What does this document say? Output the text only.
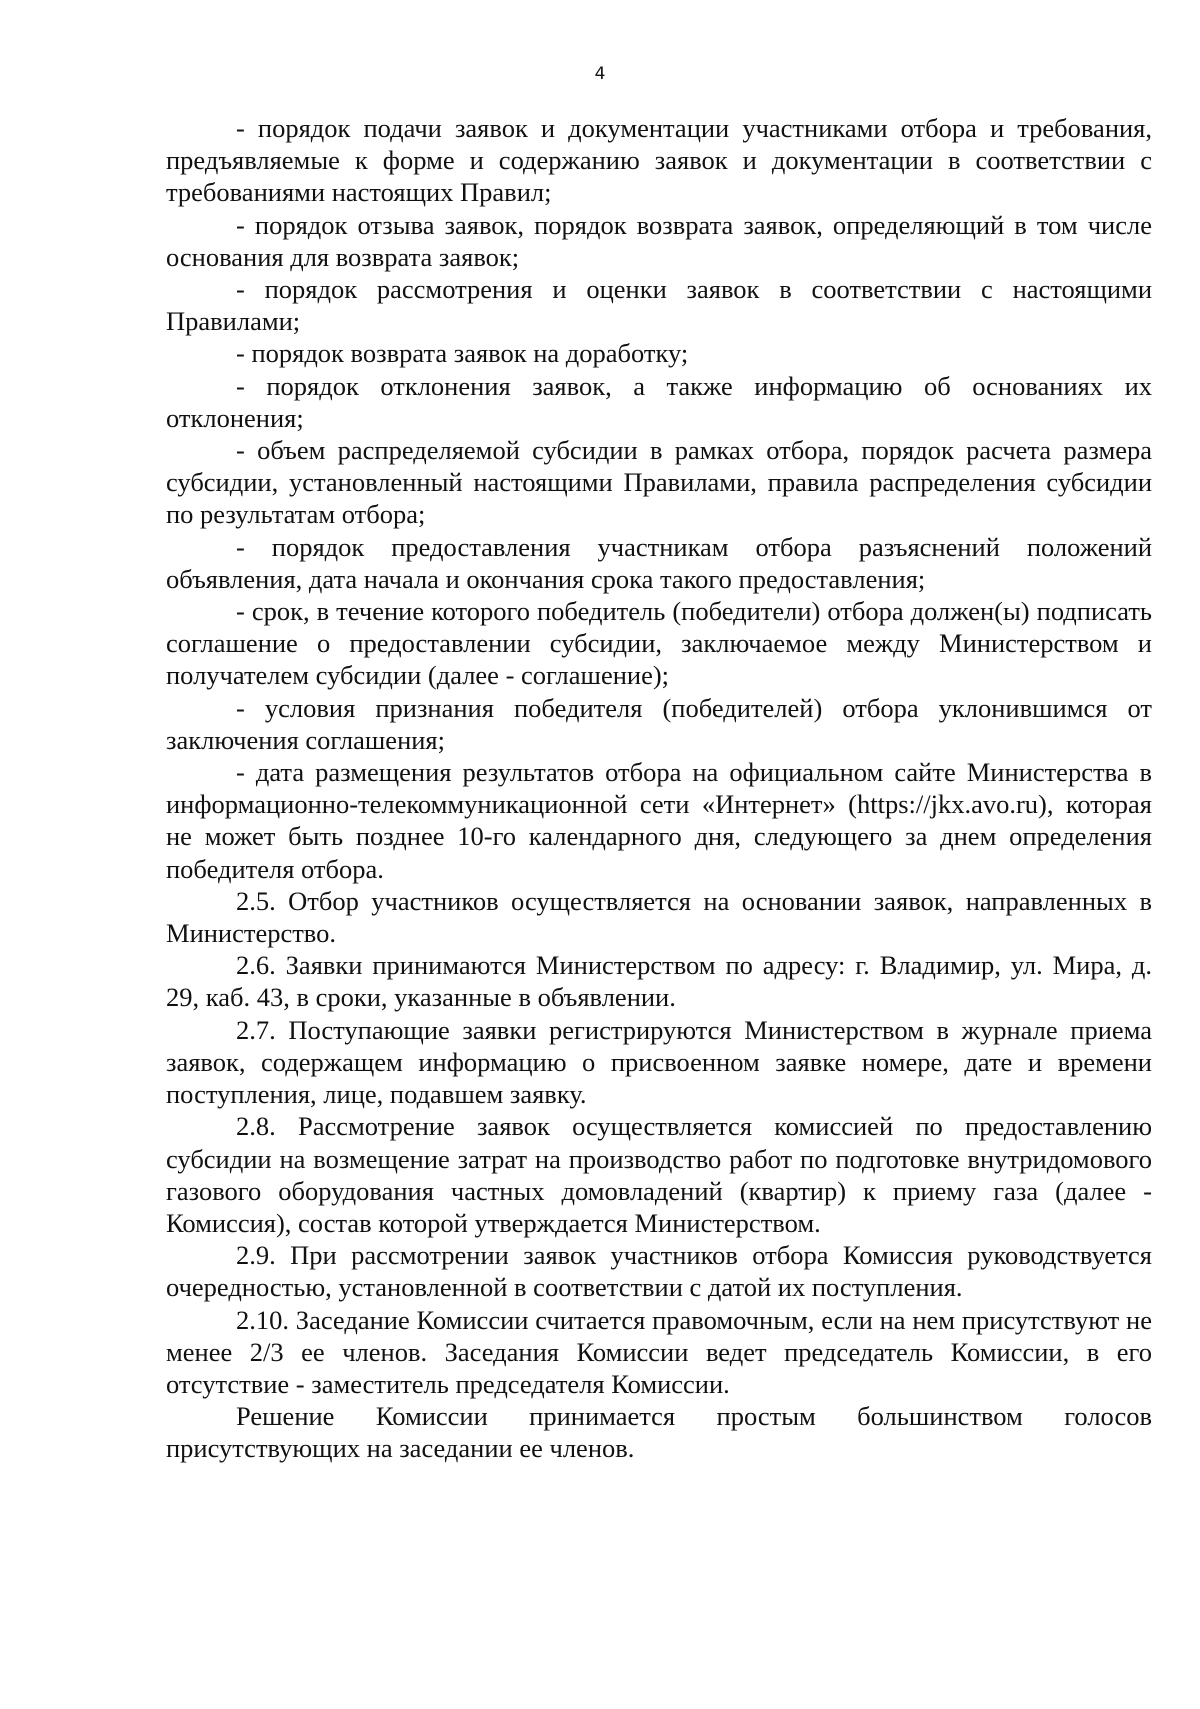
4

- порядок подачи заявок и документации участниками отбора и требования, предъявляемые к форме и содержанию заявок и документации в соответствии с требованиями настоящих Правил;

- порядок отзыва заявок, порядок возврата заявок, определяющий в том числе основания для возврата заявок;

- порядок рассмотрения и оценки заявок в соответствии с настоящими Правилами;

- порядок возврата заявок на доработку;

- порядок отклонения заявок, а также информацию об основаниях их отклонения;

- объем распределяемой субсидии в рамках отбора, порядок расчета размера субсидии, установленный настоящими Правилами, правила распределения субсидии по результатам отбора;

- порядок предоставления участникам отбора разъяснений положений объявления, дата начала и окончания срока такого предоставления;

- срок, в течение которого победитель (победители) отбора должен(ы) подписать соглашение о предоставлении субсидии, заключаемое между Министерством и получателем субсидии (далее - соглашение);

- условия признания победителя (победителей) отбора уклонившимся от заключения соглашения;

- дата размещения результатов отбора на официальном сайте Министерства в информационно-телекоммуникационной сети «Интернет» (https://jkx.avo.ru), которая не может быть позднее 10-го календарного дня, следующего за днем определения победителя отбора.

2.5. Отбор участников осуществляется на основании заявок, направленных в Министерство.

2.6. Заявки принимаются Министерством по адресу: г. Владимир, ул. Мира, д. 29, каб. 43, в сроки, указанные в объявлении.

2.7. Поступающие заявки регистрируются Министерством в журнале приема заявок, содержащем информацию о присвоенном заявке номере, дате и времени поступления, лице, подавшем заявку.

2.8. Рассмотрение заявок осуществляется комиссией по предоставлению субсидии на возмещение затрат на производство работ по подготовке внутридомового газового оборудования частных домовладений (квартир) к приему газа (далее - Комиссия), состав которой утверждается Министерством.

2.9. При рассмотрении заявок участников отбора Комиссия руководствуется очередностью, установленной в соответствии с датой их поступления.

2.10. Заседание Комиссии считается правомочным, если на нем присутствуют не менее 2/3 ее членов. Заседания Комиссии ведет председатель Комиссии, в его отсутствие - заместитель председателя Комиссии.

Решение Комиссии принимается простым большинством голосов присутствующих на заседании ее членов.
